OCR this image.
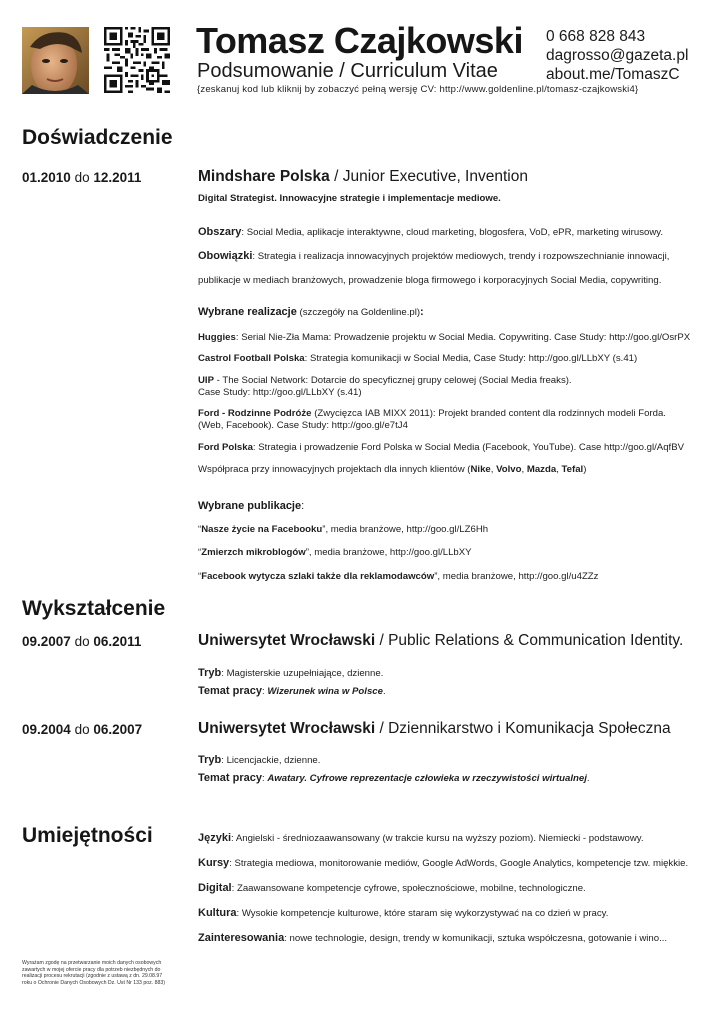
Tomasz Czajkowski
Podsumowanie / Curriculum Vitae
{zeskanuj kod lub kliknij by zobaczyć pełną wersję CV: http://www.goldenline.pl/tomasz-czajkowski4}
0 668 828 843
dagrosso@gazeta.pl
about.me/TomaszC
Doświadczenie
01.2010 do 12.2011	Mindshare Polska / Junior Executive, Invention
Digital Strategist. Innowacyjne strategie i implementacje mediowe.
Obszary: Social Media, aplikacje interaktywne, cloud marketing, blogosfera, VoD, ePR, marketing wirusowy.
Obowiązki: Strategia i realizacja innowacyjnych projektów mediowych, trendy i rozpowszechnianie innowacji,
publikacje w mediach branżowych, prowadzenie bloga firmowego i korporacyjnych Social Media, copywriting.
Wybrane realizacje (szczegóły na Goldenline.pl):
Huggies: Serial Nie-Zła Mama: Prowadzenie projektu w Social Media. Copywriting. Case Study: http://goo.gl/OsrPX
Castrol Football Polska: Strategia komunikacji w Social Media, Case Study: http://goo.gl/LLbXY (s.41)
UIP - The Social Network: Dotarcie do specyficznej grupy celowej (Social Media freaks).
Case Study: http://goo.gl/LLbXY (s.41)
Ford - Rodzinne Podróże (Zwycięzca IAB MIXX 2011): Projekt branded content dla rodzinnych modeli Forda.
(Web, Facebook). Case Study: http://goo.gl/e7tJ4
Ford Polska: Strategia i prowadzenie Ford Polska w Social Media (Facebook, YouTube). Case http://goo.gl/AqfBV
Współpraca przy innowacyjnych projektach dla innych klientów (Nike, Volvo, Mazda, Tefal)
Wybrane publikacje:
“Nasze życie na Facebooku”, media branżowe, http://goo.gl/LZ6Hh
“Zmierzch mikroblogów”, media branżowe, http://goo.gl/LLbXY
“Facebook wytycza szlaki także dla reklamodawców”, media branżowe, http://goo.gl/u4ZZz
Wykształcenie
09.2007 do 06.2011	Uniwersytet Wrocławski / Public Relations & Communication Identity.
Tryb: Magisterskie uzupełniające, dzienne.
Temat pracy: Wizerunek wina w Polsce.
09.2004 do 06.2007	Uniwersytet Wrocławski / Dziennikarstwo i Komunikacja Społeczna
Tryb: Licencjackie, dzienne.
Temat pracy: Awatary. Cyfrowe reprezentacje człowieka w rzeczywistości wirtualnej.
Umiejętności	Języki: Angielski - średniozaawansowany (w trakcie kursu na wyższy poziom). Niemiecki - podstawowy.
Kursy: Strategia mediowa, monitorowanie mediów, Google AdWords, Google Analytics, kompetencje tzw. miękkie.
Digital: Zaawansowane kompetencje cyfrowe, społecznościowe, mobilne, technologiczne.
Kultura: Wysokie kompetencje kulturowe, które staram się wykorzystywać na co dzień w pracy.
Zainteresowania: nowe technologie, design, trendy w komunikacji, sztuka współczesna, gotowanie i wino...
Wyrażam zgodę na przetwarzanie moich danych osobowych zawartych w mojej ofercie pracy dla potrzeb niezbędnych do realizacji procesu rekrutacji (zgodnie z ustawą z dn. 29.08.97 roku o Ochronie Danych Osobowych Dz. Ust Nr 133 poz. 883)
